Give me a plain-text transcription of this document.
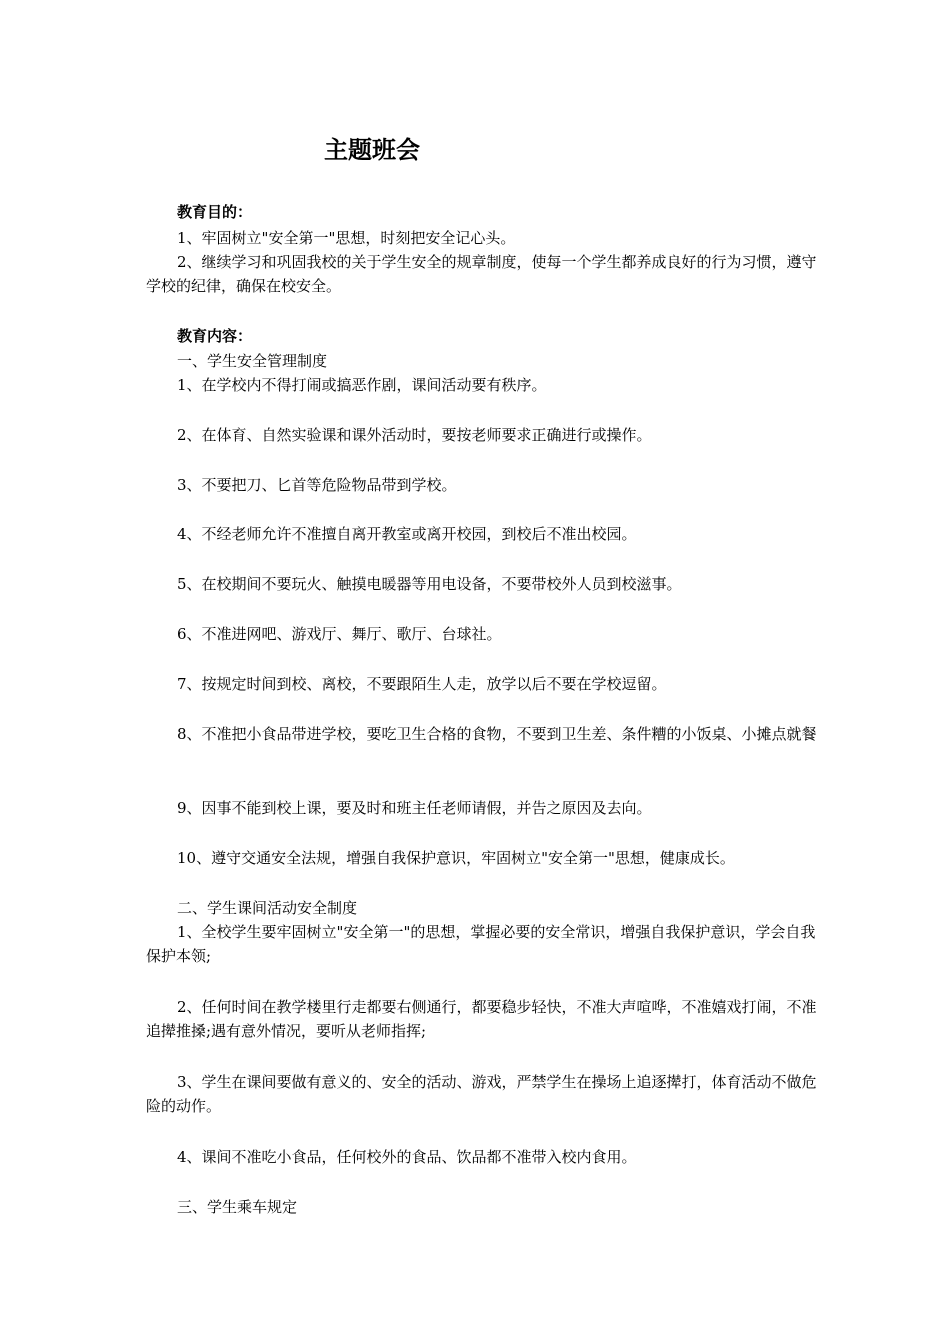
主题班会

教育目的：

1、牢固树立"安全第一"思想，时刻把安全记心头。

2、继续学习和巩固我校的关于学生安全的规章制度，使每一个学生都养成良好的行为习惯，遵守学校的纪律，确保在校安全。

教育内容：

一、学生安全管理制度

1、在学校内不得打闹或搞恶作剧，课间活动要有秩序。

2、在体育、自然实验课和课外活动时，要按老师要求正确进行或操作。

3、不要把刀、匕首等危险物品带到学校。

4、不经老师允许不准擅自离开教室或离开校园，到校后不准出校园。

5、在校期间不要玩火、触摸电暖器等用电设备，不要带校外人员到校滋事。

6、不准进网吧、游戏厅、舞厅、歌厅、台球社。

7、按规定时间到校、离校，不要跟陌生人走，放学以后不要在学校逗留。

8、不准把小食品带进学校，要吃卫生合格的食物，不要到卫生差、条件糟的小饭桌、小摊点就餐

9、因事不能到校上课，要及时和班主任老师请假，并告之原因及去向。

10、遵守交通安全法规，增强自我保护意识，牢固树立"安全第一"思想，健康成长。

二、学生课间活动安全制度

1、全校学生要牢固树立"安全第一"的思想，掌握必要的安全常识，增强自我保护意识，学会自我保护本领;

2、任何时间在教学楼里行走都要右侧通行，都要稳步轻快，不准大声喧哗，不准嬉戏打闹，不准追撵推搡;遇有意外情况，要听从老师指挥;

3、学生在课间要做有意义的、安全的活动、游戏，严禁学生在操场上追逐撵打，体育活动不做危险的动作。

4、课间不准吃小食品，任何校外的食品、饮品都不准带入校内食用。

三、学生乘车规定
